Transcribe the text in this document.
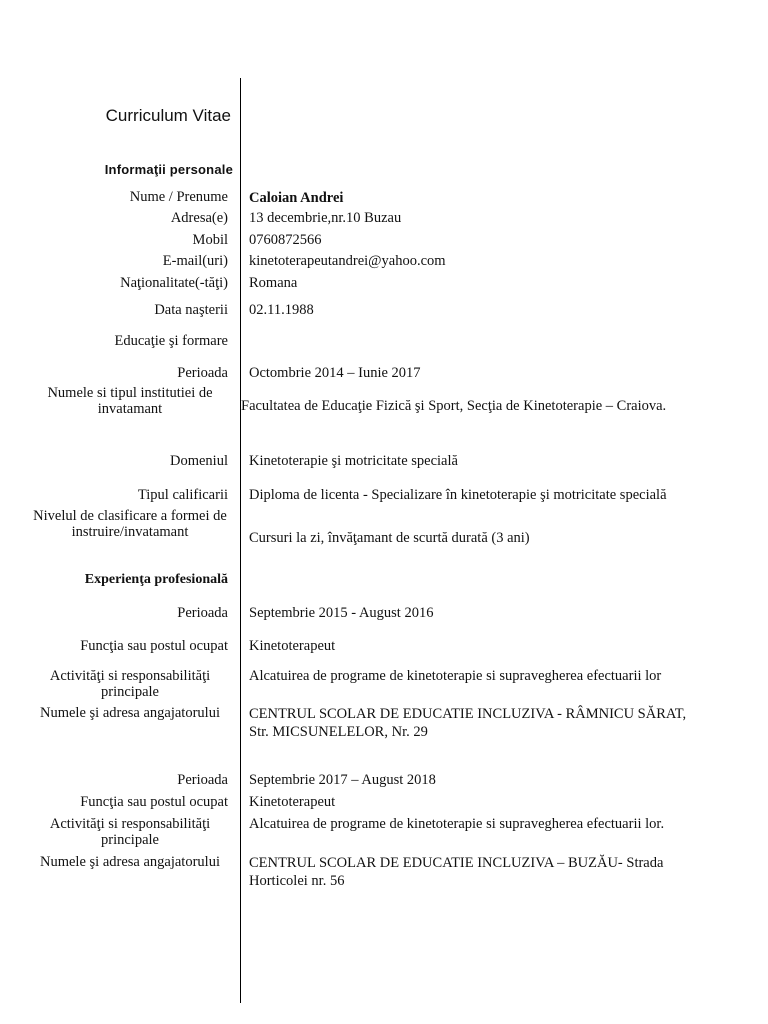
Curriculum Vitae
Informaţii personale
Nume / Prenume Caloian Andrei
Adresa(e) 13 decembrie,nr.10 Buzau
Mobil 0760872566
E-mail(uri) kinetoterapeutandrei@yahoo.com
Naţionalitate(-tăţi) Romana
Data naşterii 02.11.1988
Educaţie şi formare
Perioada Octombrie 2014 – Iunie 2017
Numele si tipul institutiei de invatamant	Facultatea de Educaţie Fizică şi Sport, Secţia de Kinetoterapie – Craiova.
Domeniul Kinetoterapie şi motricitate specială
Tipul calificarii Diploma de licenta - Specializare în kinetoterapie şi motricitate specială
Nivelul de clasificare a formei de instruire/invatamant	Cursuri la zi, învăţamant de scurtă durată (3 ani)
Experienţa profesională
Perioada Septembrie 2015 - August 2016
Funcţia sau postul ocupat Kinetoterapeut
Activităţi si responsabilităţi principale
Alcatuirea de programe de kinetoterapie si supravegherea efectuarii lor
Numele şi adresa angajatorului CENTRUL SCOLAR DE EDUCATIE INCLUZIVA - RÂMNICU SĂRAT, Str. MICSUNELELOR, Nr. 29
Perioada Septembrie 2017 – August 2018
Funcţia sau postul ocupat Kinetoterapeut
Activităţi si responsabilităţi principale
Alcatuirea de programe de kinetoterapie si supravegherea efectuarii lor.
Numele şi adresa angajatorului CENTRUL SCOLAR DE EDUCATIE INCLUZIVA – BUZĂU- Strada Horticolei nr. 56
